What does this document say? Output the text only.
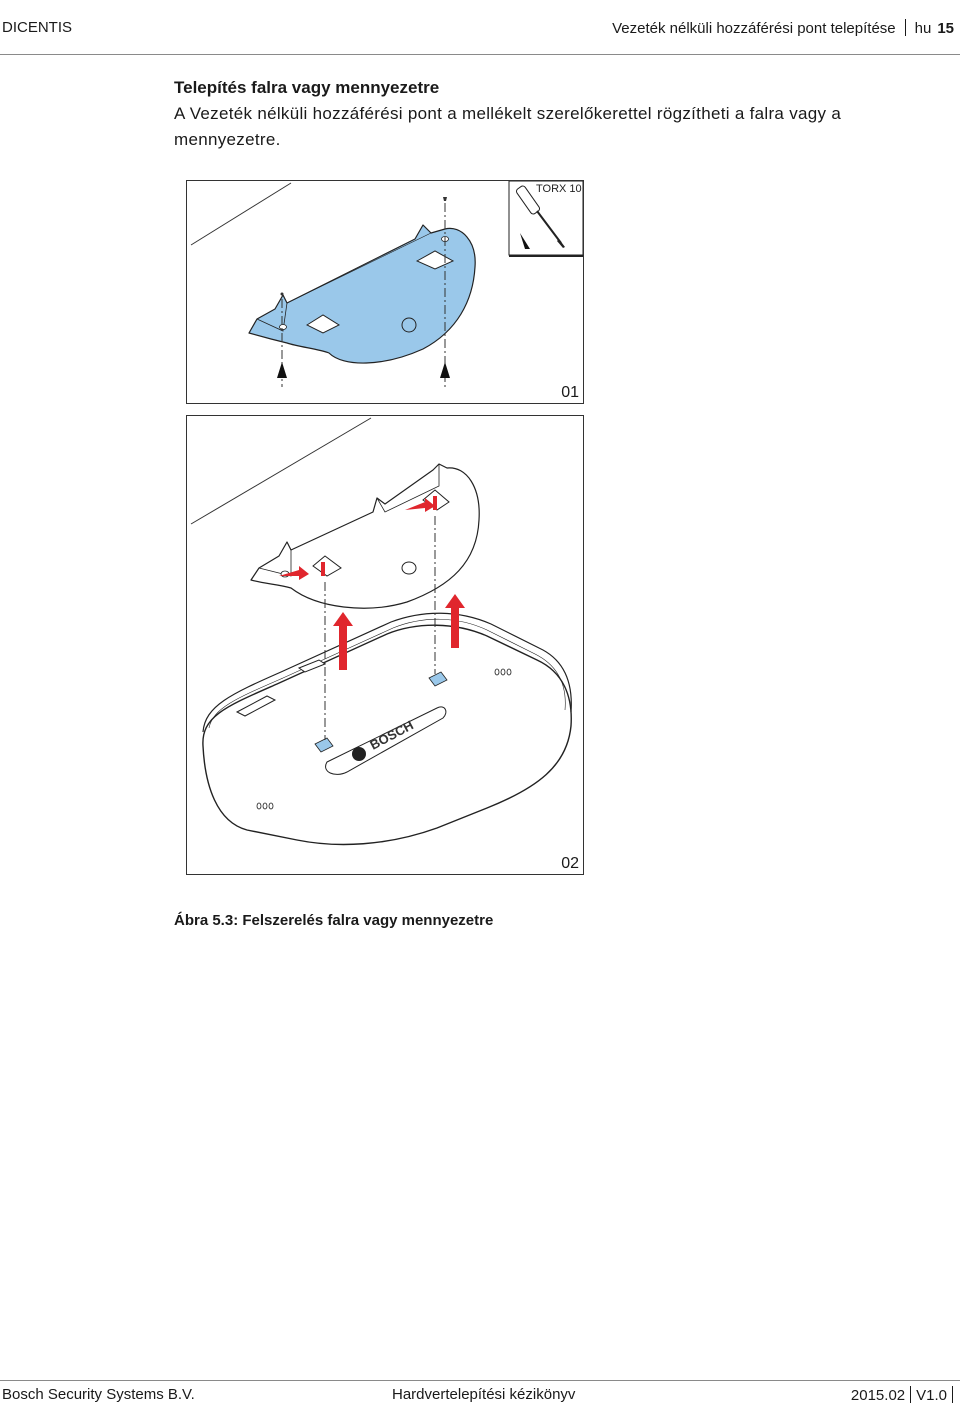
DICENTIS	Vezeték nélküli hozzáférési pont telepítése hu 15
Telepítés falra vagy mennyezetre
A Vezeték nélküli hozzáférési pont a mellékelt szerelőkerettel rögzítheti a falra vagy a mennyezetre.
TORX 10
01
BOSCH
02
Ábra 5.3: Felszerelés falra vagy mennyezetre
Bosch Security Systems B.V.	Hardvertelepítési kézikönyv	2015.02 V1.0
